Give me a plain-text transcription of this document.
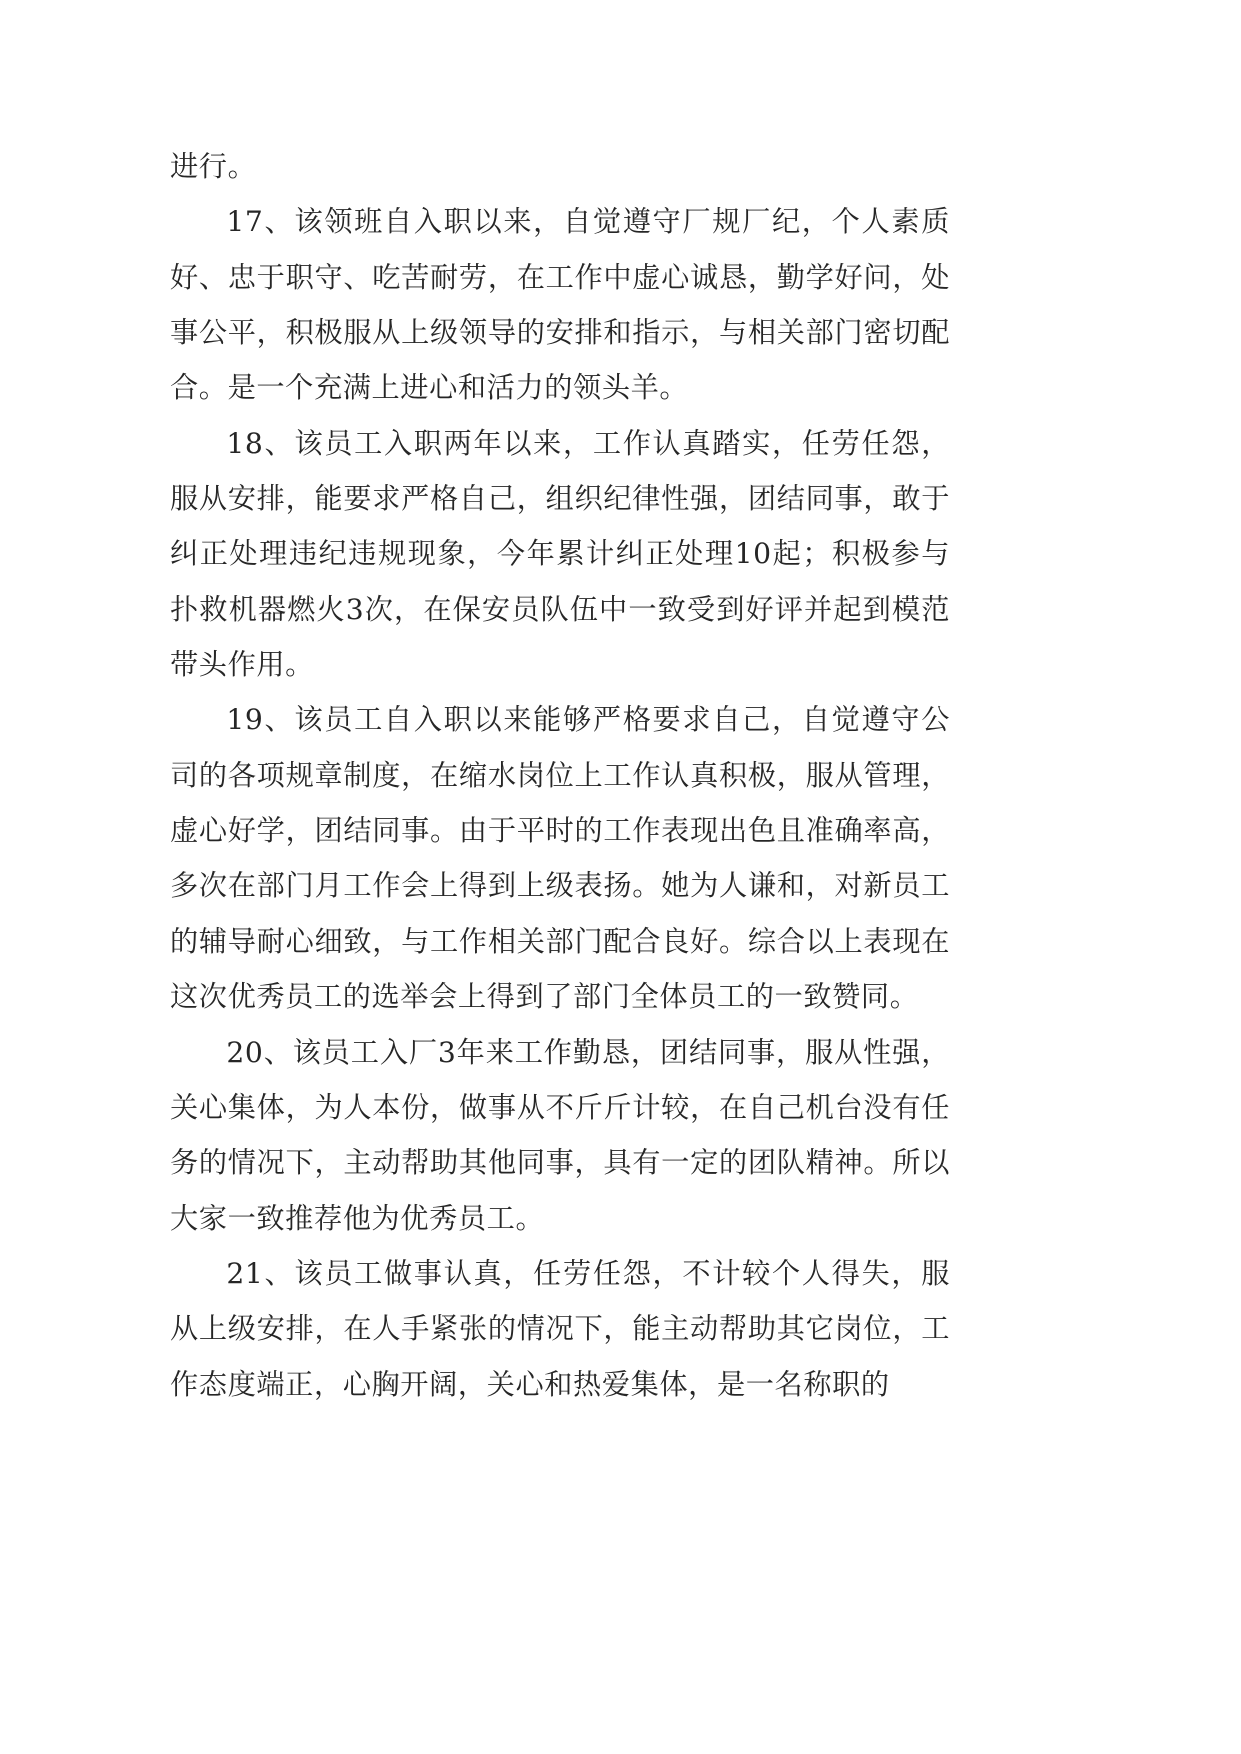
进行。

17、该领班自入职以来，自觉遵守厂规厂纪，个人素质好、忠于职守、吃苦耐劳，在工作中虚心诚恳，勤学好问，处事公平，积极服从上级领导的安排和指示，与相关部门密切配合。是一个充满上进心和活力的领头羊。

18、该员工入职两年以来，工作认真踏实，任劳任怨，服从安排，能要求严格自己，组织纪律性强，团结同事，敢于纠正处理违纪违规现象，今年累计纠正处理10起；积极参与扑救机器燃火3次，在保安员队伍中一致受到好评并起到模范带头作用。

19、该员工自入职以来能够严格要求自己，自觉遵守公司的各项规章制度，在缩水岗位上工作认真积极，服从管理，虚心好学，团结同事。由于平时的工作表现出色且准确率高，多次在部门月工作会上得到上级表扬。她为人谦和，对新员工的辅导耐心细致，与工作相关部门配合良好。综合以上表现在这次优秀员工的选举会上得到了部门全体员工的一致赞同。

20、该员工入厂3年来工作勤恳，团结同事，服从性强，关心集体，为人本份，做事从不斤斤计较，在自己机台没有任务的情况下，主动帮助其他同事，具有一定的团队精神。所以大家一致推荐他为优秀员工。

21、该员工做事认真，任劳任怨，不计较个人得失，服从上级安排，在人手紧张的情况下，能主动帮助其它岗位，工作态度端正，心胸开阔，关心和热爱集体，是一名称职的
